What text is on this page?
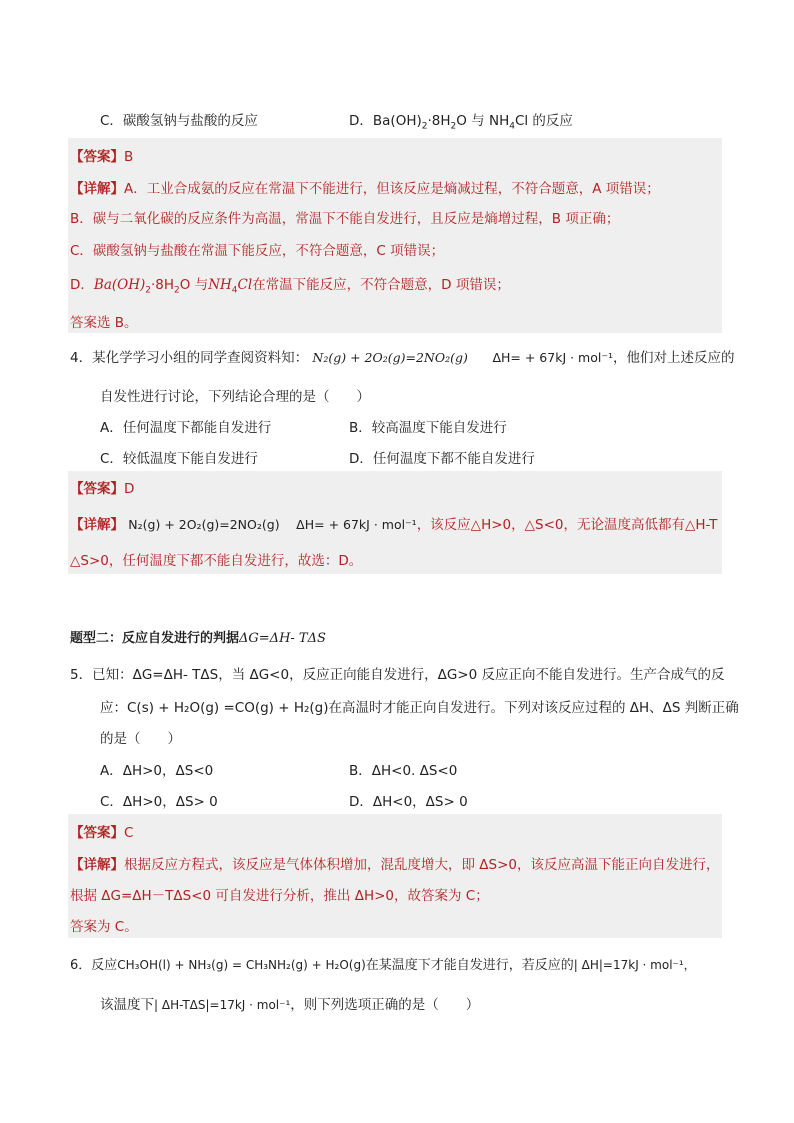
C．碳酸氢钠与盐酸的反应	D．$Ba(OH)_2\cdot 8H_2O$ 与 $NH_4Cl$ 的反应
【答案】B
【详解】A．工业合成氨的反应在常温下不能进行，但该反应是熵减过程，不符合题意，A 项错误；
B．碳与二氧化碳的反应条件为高温，常温下不能自发进行，且反应是熵增过程，B 项正确；
C．碳酸氢钠与盐酸在常温下能反应，不符合题意，C 项错误；
D．$Ba(OH)_2\cdot 8H_2O$ 与$NH_4Cl$在常温下能反应，不符合题意，D 项错误；
答案选 B。
4．某化学学习小组的同学查阅资料知： N₂(g) + 2O₂(g)=2NO₂(g) ΔH= + 67kJ · mol⁻¹，他们对上述反应的
自发性进行讨论，下列结论合理的是（　　）
A．任何温度下都能自发进行	B．较高温度下能自发进行
C．较低温度下能自发进行	D．任何温度下都不能自发进行
【答案】D
【详解】 N₂(g) + 2O₂(g)=2NO₂(g) ΔH= + 67kJ · mol⁻¹，该反应△H>0，△S<0，无论温度高低都有△H-T
△S>0，任何温度下都不能自发进行，故选：D。
题型二：反应自发进行的判据ΔG=ΔH- TΔS
5．已知：ΔG=ΔH- TΔS，当 ΔG<0，反应正向能自发进行，ΔG>0 反应正向不能自发进行。生产合成气的反
应：C(s) + H₂O(g) =CO(g) + H₂(g)在高温时才能正向自发进行。下列对该反应过程的 ΔH、ΔS 判断正确
的是（　　）
A．ΔH>0，ΔS<0	B．ΔH<0. ΔS<0
C．ΔH>0，ΔS> 0	D．ΔH<0，ΔS> 0
【答案】C
【详解】根据反应方程式，该反应是气体体积增加，混乱度增大，即 ΔS>0，该反应高温下能正向自发进行，
根据 ΔG=ΔH－TΔS<0 可自发进行分析，推出 ΔH>0，故答案为 C；
答案为 C。
6．反应CH₃OH(l) + NH₃(g) = CH₃NH₂(g) + H₂O(g)在某温度下才能自发进行，若反应的| ΔH|=17kJ · mol⁻¹，
该温度下| ΔH-TΔS|=17kJ · mol⁻¹，则下列选项正确的是（　　）
